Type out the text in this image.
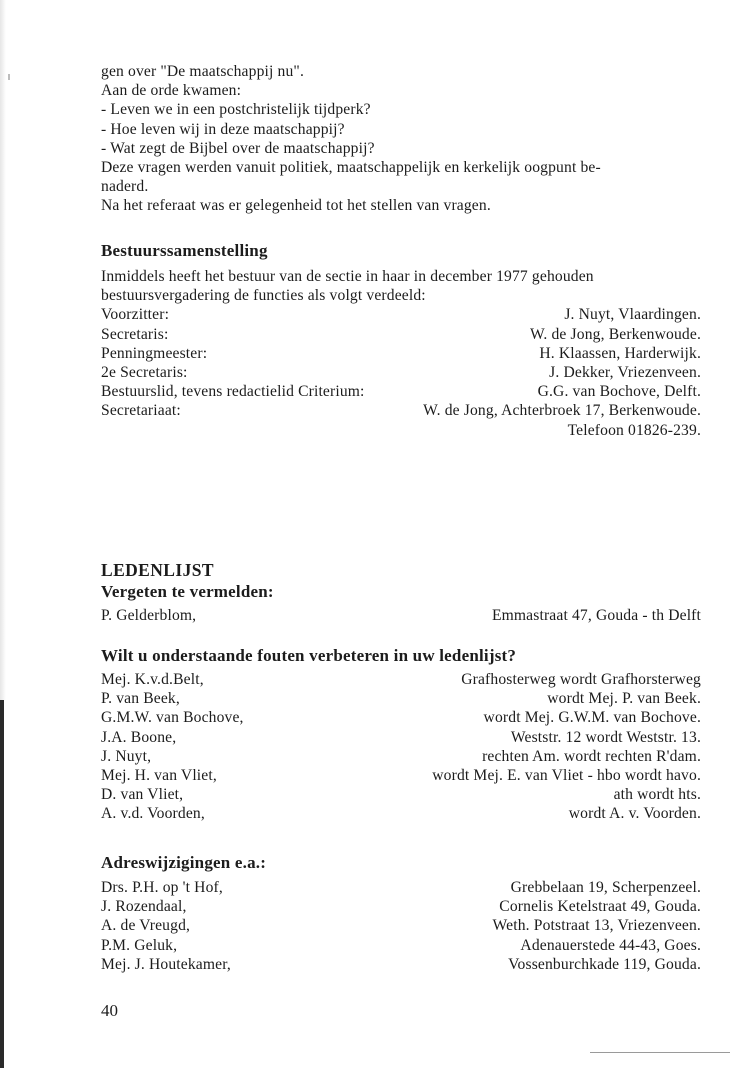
gen over "De maatschappij nu".
Aan de orde kwamen:
- Leven we in een postchristelijk tijdperk?
- Hoe leven wij in deze maatschappij?
- Wat zegt de Bijbel over de maatschappij?
Deze vragen werden vanuit politiek, maatschappelijk en kerkelijk oogpunt be-
naderd.
Na het referaat was er gelegenheid tot het stellen van vragen.
Bestuurssamenstelling
Inmiddels heeft het bestuur van de sectie in haar in december 1977 gehouden
bestuursvergadering de functies als volgt verdeeld:
Voorzitter:	J. Nuyt, Vlaardingen.
Secretaris:	W. de Jong, Berkenwoude.
Penningmeester:	H. Klaassen, Harderwijk.
2e Secretaris:	J. Dekker, Vriezenveen.
Bestuurslid, tevens redactielid Criterium:	G.G. van Bochove, Delft.
Secretariaat:	W. de Jong, Achterbroek 17, Berkenwoude.
Telefoon 01826-239.
LEDENLIJST
Vergeten te vermelden:
P. Gelderblom,	Emmastraat 47, Gouda - th Delft
Wilt u onderstaande fouten verbeteren in uw ledenlijst?
Mej. K.v.d.Belt,	Grafhosterweg wordt Grafhorsterweg
P. van Beek,	wordt Mej. P. van Beek.
G.M.W. van Bochove,	wordt Mej. G.W.M. van Bochove.
J.A. Boone,	Weststr. 12 wordt Weststr. 13.
J. Nuyt,	rechten Am. wordt rechten R'dam.
Mej. H. van Vliet,	wordt Mej. E. van Vliet - hbo wordt havo.
D. van Vliet,	ath wordt hts.
A. v.d. Voorden,	wordt A. v. Voorden.
Adreswijzigingen e.a.:
Drs. P.H. op 't Hof,	Grebbelaan 19, Scherpenzeel.
J. Rozendaal,	Cornelis Ketelstraat 49, Gouda.
A. de Vreugd,	Weth. Potstraat 13, Vriezenveen.
P.M. Geluk,	Adenauerstede 44-43, Goes.
Mej. J. Houtekamer,	Vossenburchkade 119, Gouda.
40
